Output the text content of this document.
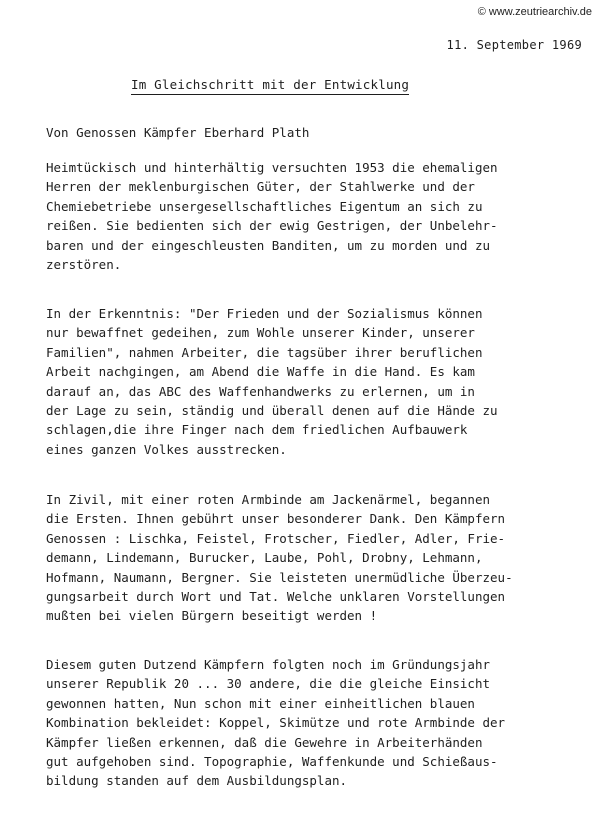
© www.zeutriearchiv.de
11. September 1969
Im Gleichschritt mit der Entwicklung
Von Genossen Kämpfer Eberhard Plath
Heimtückisch und hinterhältig versuchten 1953 die ehemaligen
Herren der meklenburgischen Güter, der Stahlwerke und der
Chemiebetriebe unsergesellschaftliches Eigentum an sich zu
reißen. Sie bedienten sich der ewig Gestrigen, der Unbelehr-
baren und der eingeschleusten Banditen, um zu morden und zu
zerstören.
In der Erkenntnis: "Der Frieden und der Sozialismus können
nur bewaffnet gedeihen, zum Wohle unserer Kinder, unserer
Familien", nahmen Arbeiter, die tagsüber ihrer beruflichen
Arbeit nachgingen, am Abend die Waffe in die Hand. Es kam
darauf an, das ABC des Waffenhandwerks zu erlernen, um in
der Lage zu sein, ständig und überall denen auf die Hände zu
schlagen,die ihre Finger nach dem friedlichen Aufbauwerk
eines ganzen Volkes ausstrecken.
In Zivil, mit einer roten Armbinde am Jackenärmel, begannen
die Ersten. Ihnen gebührt unser besonderer Dank. Den Kämpfern
Genossen : Lischka, Feistel, Frotscher, Fiedler, Adler, Frie-
demann, Lindemann, Burucker, Laube, Pohl, Drobny, Lehmann,
Hofmann, Naumann, Bergner. Sie leisteten unermüdliche Überzeu-
gungsarbeit durch Wort und Tat. Welche unklaren Vorstellungen
mußten bei vielen Bürgern beseitigt werden !
Diesem guten Dutzend Kämpfern folgten noch im Gründungsjahr
unserer Republik 20 ... 30 andere, die die gleiche Einsicht
gewonnen hatten, Nun schon mit einer einheitlichen blauen
Kombination bekleidet: Koppel, Skimütze und rote Armbinde der
Kämpfer ließen erkennen, daß die Gewehre in Arbeiterhänden
gut aufgehoben sind. Topographie, Waffenkunde und Schießaus-
bildung standen auf dem Ausbildungsplan.
